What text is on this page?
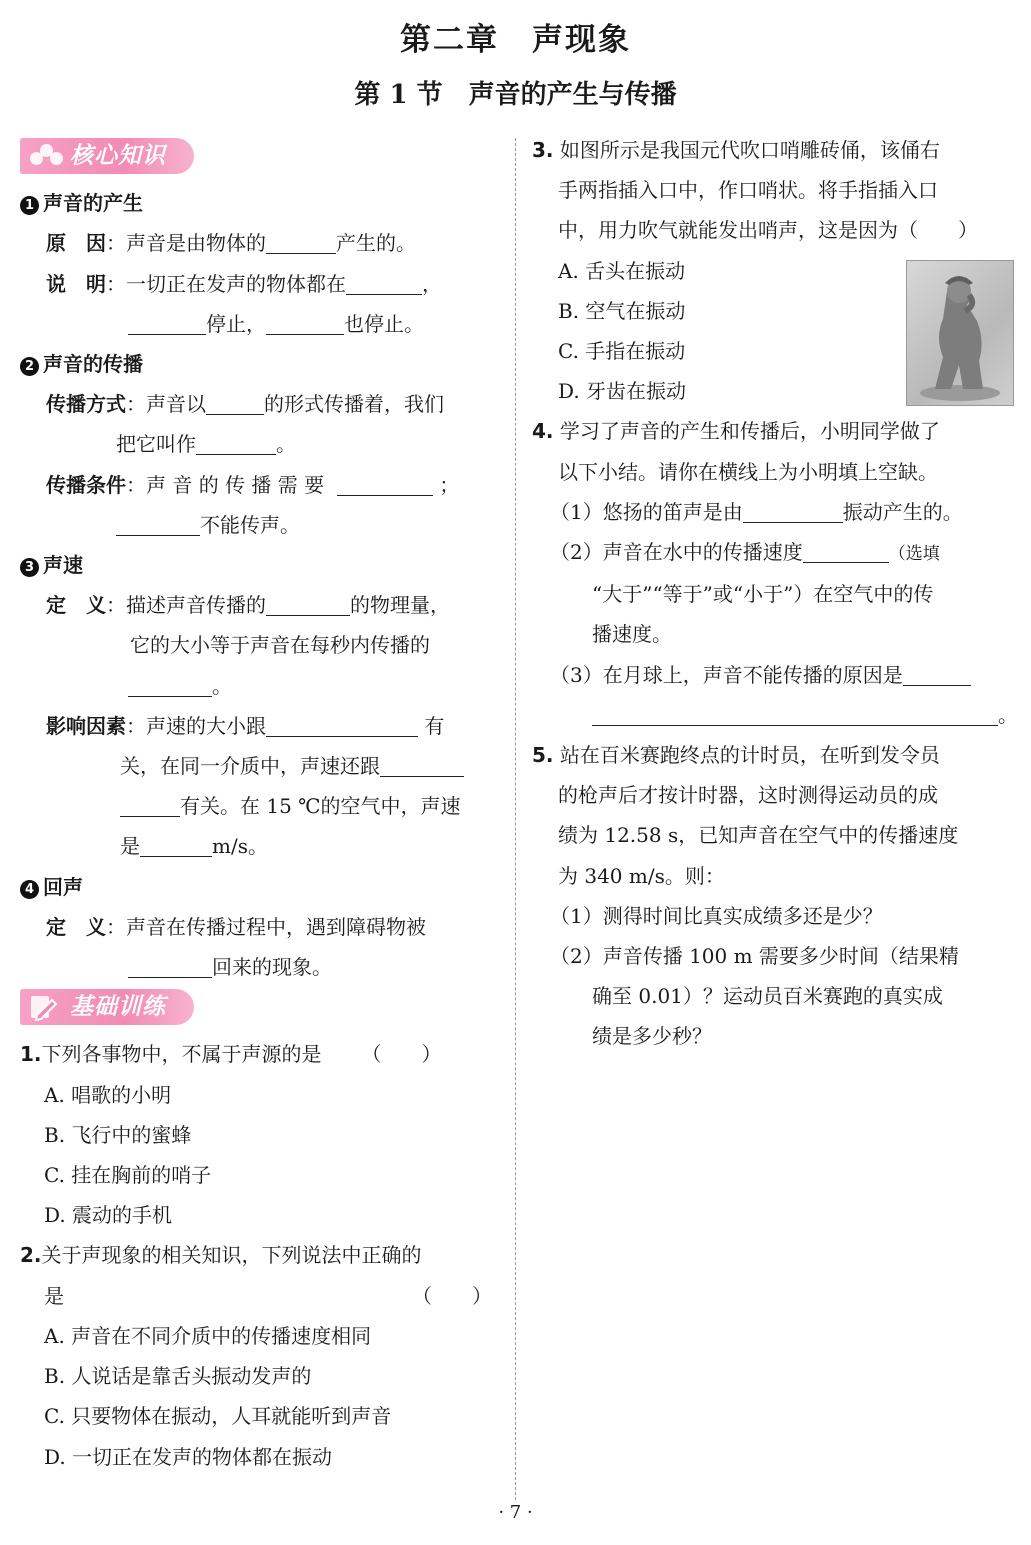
第二章　声现象
第 1 节　声音的产生与传播
核心知识
1 声音的产生
原　因：声音是由物体的	产生的。
说　明：一切正在发声的物体都在	，
停止，	也停止。
2 声音的传播
传播方式：声音以	的形式传播着，我们
把它叫作	。
传播条件：声 音 的 传 播 需 要	；
不能传声。
3 声速
定　义：描述声音传播的	的物理量，
它的大小等于声音在每秒内传播的
。
影响因素：声速的大小跟	有
关，在同一介质中，声速还跟
有关。在 15 ℃的空气中，声速
是	m/s。
4 回声
定　义：声音在传播过程中，遇到障碍物被
回来的现象。
基础训练
1.下列各事物中，不属于声源的是 （　　）
A. 唱歌的小明
B. 飞行中的蜜蜂
C. 挂在胸前的哨子
D. 震动的手机
2.关于声现象的相关知识，下列说法中正确的
是	（　　）
A. 声音在不同介质中的传播速度相同
B. 人说话是靠舌头振动发声的
C. 只要物体在振动，人耳就能听到声音
D. 一切正在发声的物体都在振动
3. 如图所示是我国元代吹口哨雕砖俑，该俑右
手两指插入口中，作口哨状。将手指插入口
中，用力吹气就能发出哨声，这是因为（　　）
A. 舌头在振动
B. 空气在振动
C. 手指在振动
D. 牙齿在振动
4. 学习了声音的产生和传播后，小明同学做了
以下小结。请你在横线上为小明填上空缺。
（1）悠扬的笛声是由	振动产生的。
（2）声音在水中的传播速度	（选填
“大于”“等于”或“小于”）在空气中的传
播速度。
（3）在月球上，声音不能传播的原因是
。
5. 站在百米赛跑终点的计时员，在听到发令员
的枪声后才按计时器，这时测得运动员的成
绩为 12.58 s，已知声音在空气中的传播速度
为 340 m/s。则：
（1）测得时间比真实成绩多还是少？
（2）声音传播 100 m 需要多少时间（结果精
确至 0.01）？运动员百米赛跑的真实成
绩是多少秒？
· 7 ·
